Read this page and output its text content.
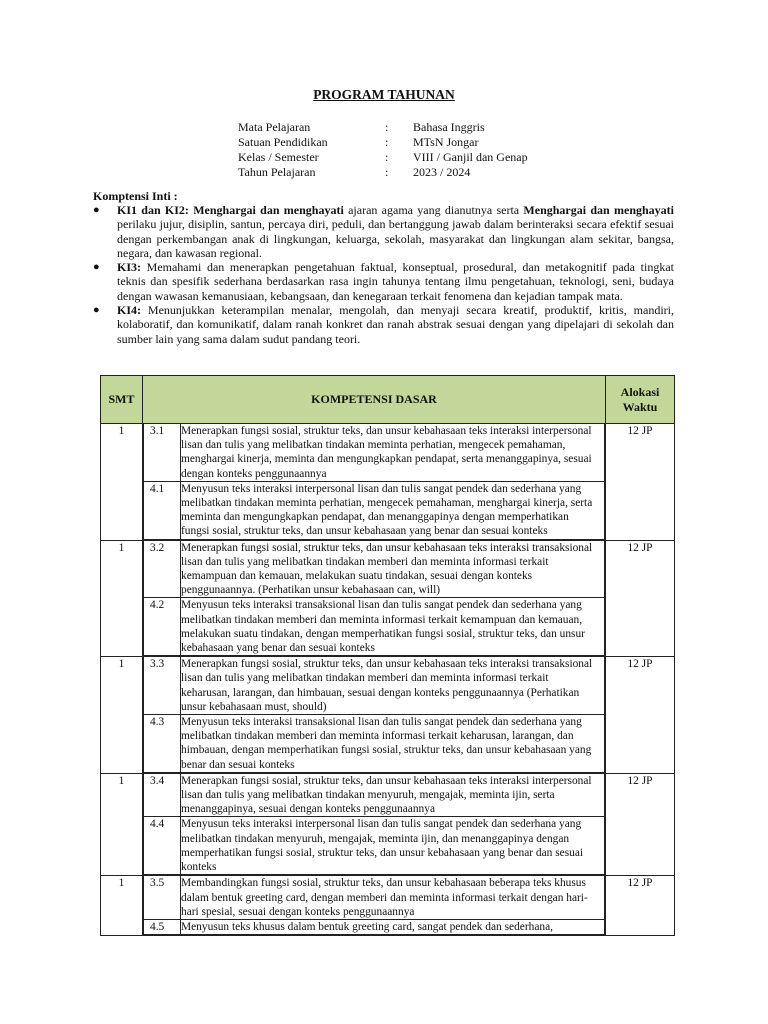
PROGRAM TAHUNAN
Mata Pelajaran	:	Bahasa Inggris
Satuan Pendidikan	:	MTsN Jongar
Kelas / Semester	:	VIII / Ganjil dan Genap
Tahun Pelajaran	:	2023 / 2024
Komptensi Inti :
●	KI1 dan KI2: Menghargai dan menghayati ajaran agama yang dianutnya serta Menghargai dan menghayati perilaku jujur, disiplin, santun, percaya diri, peduli, dan bertanggung jawab dalam berinteraksi secara efektif sesuai dengan perkembangan anak di lingkungan, keluarga, sekolah, masyarakat dan lingkungan alam sekitar, bangsa, negara, dan kawasan regional.
●	KI3: Memahami dan menerapkan pengetahuan faktual, konseptual, prosedural, dan metakognitif pada tingkat teknis dan spesifik sederhana berdasarkan rasa ingin tahunya tentang ilmu pengetahuan, teknologi, seni, budaya dengan wawasan kemanusiaan, kebangsaan, dan kenegaraan terkait fenomena dan kejadian tampak mata.
●	KI4: Menunjukkan keterampilan menalar, mengolah, dan menyaji secara kreatif, produktif, kritis, mandiri, kolaboratif, dan komunikatif, dalam ranah konkret dan ranah abstrak sesuai dengan yang dipelajari di sekolah dan sumber lain yang sama dalam sudut pandang teori.
SMT	KOMPETENSI DASAR	Alokasi Waktu
1	3.1	Menerapkan fungsi sosial, struktur teks, dan unsur kebahasaan teks interaksi interpersonal lisan dan tulis yang melibatkan tindakan meminta perhatian, mengecek pemahaman, menghargai kinerja, meminta dan mengungkapkan pendapat, serta menanggapinya, sesuai dengan konteks penggunaannya
4.1	Menyusun teks interaksi interpersonal lisan dan tulis sangat pendek dan sederhana yang melibatkan tindakan meminta perhatian, mengecek pemahaman, menghargai kinerja, serta meminta dan mengungkapkan pendapat, dan menanggapinya dengan memperhatikan fungsi sosial, struktur teks, dan unsur kebahasaan yang benar dan sesuai konteks
	12 JP
1	3.2	Menerapkan fungsi sosial, struktur teks, dan unsur kebahasaan teks interaksi transaksional lisan dan tulis yang melibatkan tindakan memberi dan meminta informasi terkait kemampuan dan kemauan, melakukan suatu tindakan, sesuai dengan konteks penggunaannya. (Perhatikan unsur kebahasaan can, will)
4.2	Menyusun teks interaksi transaksional lisan dan tulis sangat pendek dan sederhana yang melibatkan tindakan memberi dan meminta informasi terkait kemampuan dan kemauan, melakukan suatu tindakan, dengan memperhatikan fungsi sosial, struktur teks, dan unsur kebahasaan yang benar dan sesuai konteks
	12 JP
1	3.3	Menerapkan fungsi sosial, struktur teks, dan unsur kebahasaan teks interaksi transaksional lisan dan tulis yang melibatkan tindakan memberi dan meminta informasi terkait keharusan, larangan, dan himbauan, sesuai dengan konteks penggunaannya (Perhatikan unsur kebahasaan must, should)
4.3	Menyusun teks interaksi transaksional lisan dan tulis sangat pendek dan sederhana yang melibatkan tindakan memberi dan meminta informasi terkait keharusan, larangan, dan himbauan, dengan memperhatikan fungsi sosial, struktur teks, dan unsur kebahasaan yang benar dan sesuai konteks
	12 JP
1	3.4	Menerapkan fungsi sosial, struktur teks, dan unsur kebahasaan teks interaksi interpersonal lisan dan tulis yang melibatkan tindakan menyuruh, mengajak, meminta ijin, serta menanggapinya, sesuai dengan konteks penggunaannya
4.4	Menyusun teks interaksi interpersonal lisan dan tulis sangat pendek dan sederhana yang melibatkan tindakan menyuruh, mengajak, meminta ijin, dan menanggapinya dengan memperhatikan fungsi sosial, struktur teks, dan unsur kebahasaan yang benar dan sesuai konteks
	12 JP
1	3.5	Membandingkan fungsi sosial, struktur teks, dan unsur kebahasaan beberapa teks khusus dalam bentuk greeting card, dengan memberi dan meminta informasi terkait dengan hari-hari spesial, sesuai dengan konteks penggunaannya
4.5	Menyusun teks khusus dalam bentuk greeting card, sangat pendek dan sederhana,
	12 JP
